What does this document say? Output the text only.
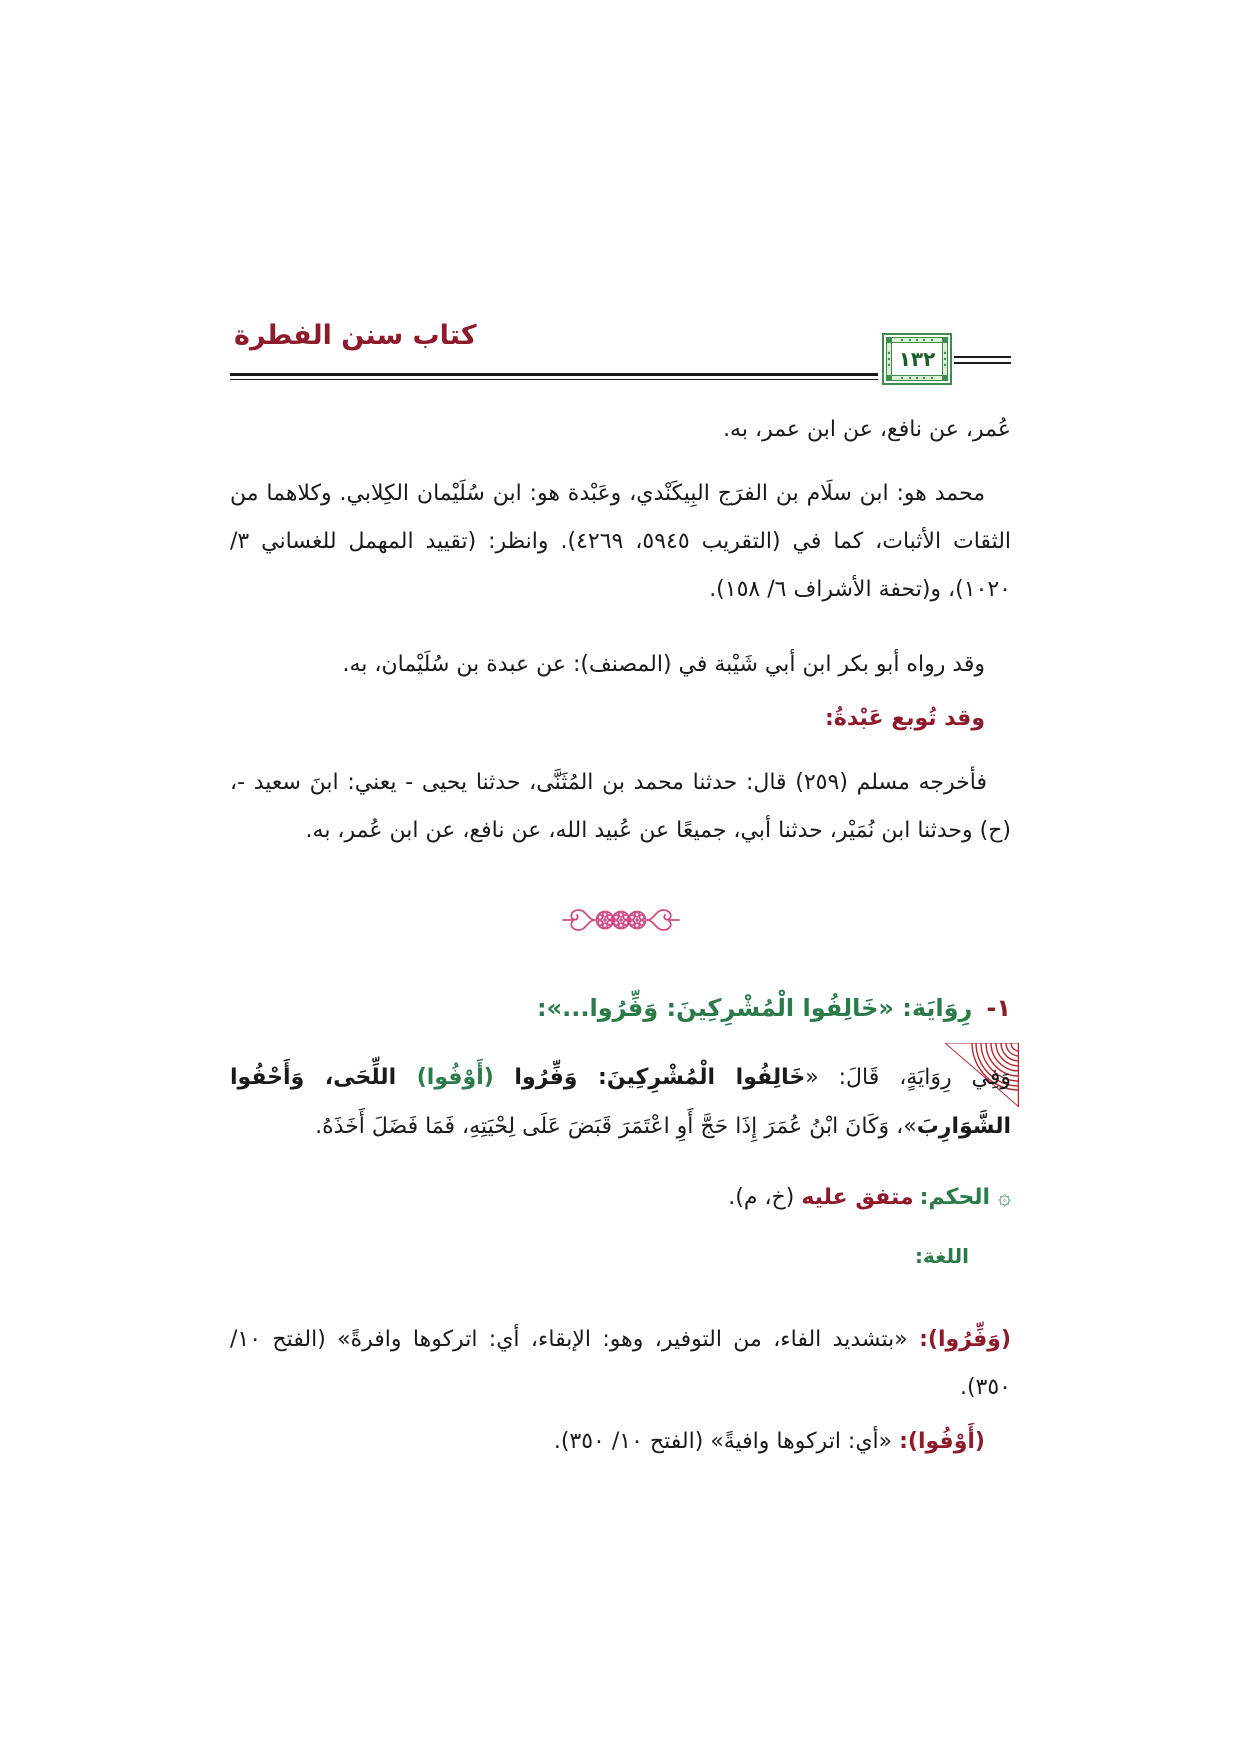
كتاب سنن الفطرة
١٣٢

عُمر، عن نافع، عن ابن عمر، به.

محمد هو: ابن سلَام بن الفرَج البِيكَنْدي، وعَبْدة هو: ابن سُلَيْمان الكِلابي. وكلاهما من الثقات الأثبات، كما في (التقريب ٥٩٤٥، ٤٢٦٩). وانظر: (تقييد المهمل للغساني ٣/ ١٠٢٠)، و(تحفة الأشراف ٦/ ١٥٨).

وقد رواه أبو بكر ابن أبي شَيْبة في (المصنف): عن عبدة بن سُلَيْمان، به.

وقد تُوبع عَبْدةُ:

فأخرجه مسلم (٢٥٩) قال: حدثنا محمد بن المُثَنَّى، حدثنا يحيى - يعني: ابنَ سعيد -، (ح) وحدثنا ابن نُمَيْر، حدثنا أبي، جميعًا عن عُبيد الله، عن نافع، عن ابن عُمر، به.

١-رِوَايَة: «خَالِفُوا الْمُشْرِكِينَ: وَفِّرُوا...»:

وَفِي رِوَايَةٍ، قَالَ: «خَالِفُوا الْمُشْرِكِينَ: وَفِّرُوا (أَوْفُوا) اللِّحَى، وَأَحْفُوا الشَّوَارِبَ»، وَكَانَ ابْنُ عُمَرَ إِذَا حَجَّ أَوِ اعْتَمَرَ قَبَضَ عَلَى لِحْيَتِهِ، فَمَا فَضَلَ أَخَذَهُ.

۞الحكم:متفق عليه (خ، م).

اللغة:

(وَفِّرُوا): «بتشديد الفاء، من التوفير، وهو: الإبقاء، أي: اتركوها وافرةً» (الفتح ١٠/ ٣٥٠).

(أَوْفُوا): «أي: اتركوها وافيةً» (الفتح ١٠/ ٣٥٠).
